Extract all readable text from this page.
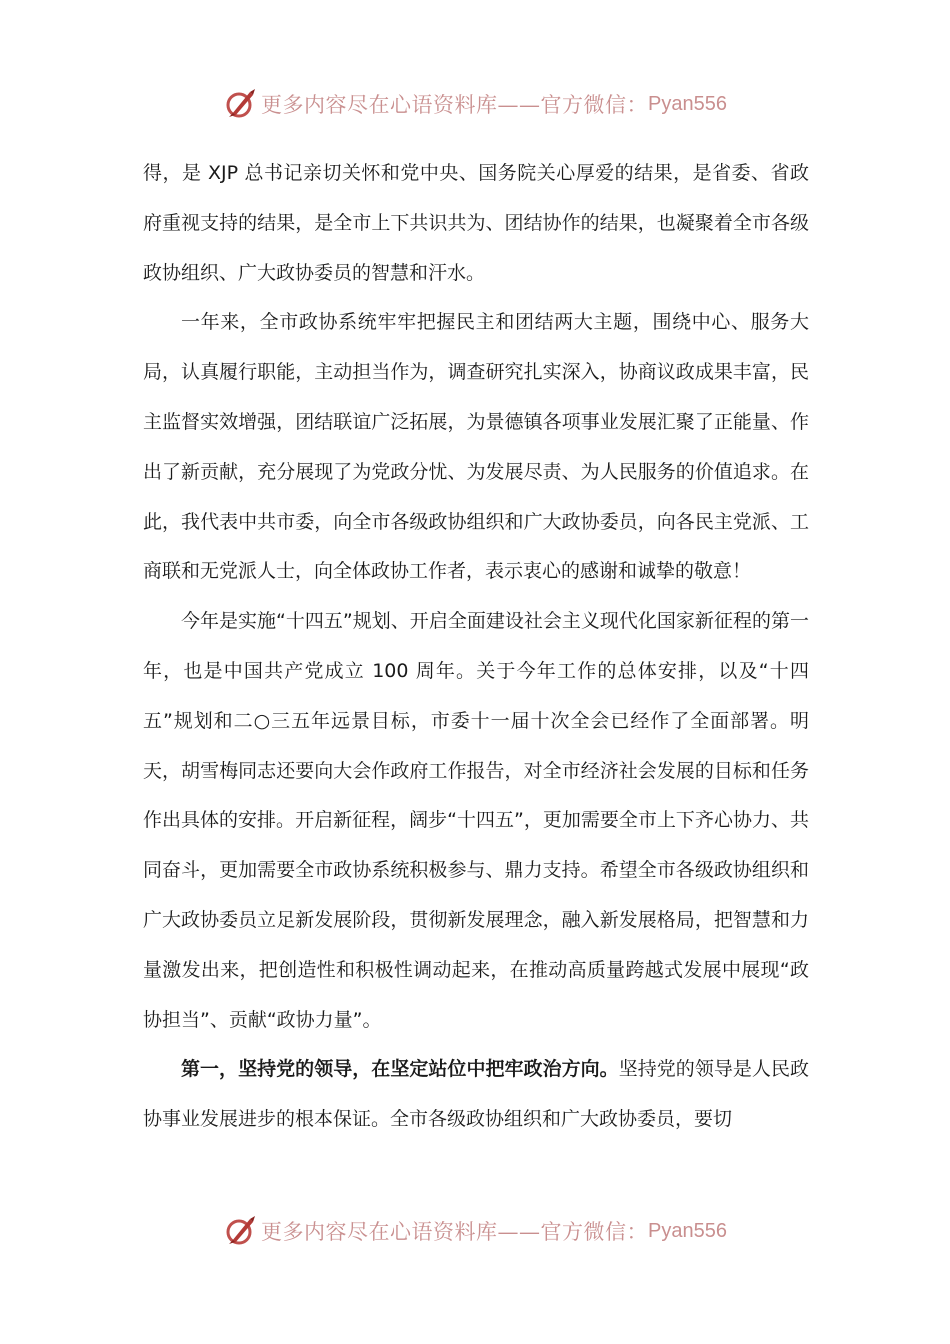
更多内容尽在心语资料库——官方微信： Pyan556

得，是 XJP 总书记亲切关怀和党中央、国务院关心厚爱的结果，是省委、省政府重视支持的结果，是全市上下共识共为、团结协作的结果，也凝聚着全市各级政协组织、广大政协委员的智慧和汗水。

一年来，全市政协系统牢牢把握民主和团结两大主题，围绕中心、服务大局，认真履行职能，主动担当作为，调查研究扎实深入，协商议政成果丰富，民主监督实效增强，团结联谊广泛拓展，为景德镇各项事业发展汇聚了正能量、作出了新贡献，充分展现了为党政分忧、为发展尽责、为人民服务的价值追求。在此，我代表中共市委，向全市各级政协组织和广大政协委员，向各民主党派、工商联和无党派人士，向全体政协工作者，表示衷心的感谢和诚挚的敬意！

今年是实施“十四五”规划、开启全面建设社会主义现代化国家新征程的第一年，也是中国共产党成立 100 周年。关于今年工作的总体安排，以及“十四五”规划和二○三五年远景目标，市委十一届十次全会已经作了全面部署。明天，胡雪梅同志还要向大会作政府工作报告，对全市经济社会发展的目标和任务作出具体的安排。开启新征程，阔步“十四五”，更加需要全市上下齐心协力、共同奋斗，更加需要全市政协系统积极参与、鼎力支持。希望全市各级政协组织和广大政协委员立足新发展阶段，贯彻新发展理念，融入新发展格局，把智慧和力量激发出来，把创造性和积极性调动起来，在推动高质量跨越式发展中展现“政协担当”、贡献“政协力量”。

第一，坚持党的领导，在坚定站位中把牢政治方向。坚持党的领导是人民政协事业发展进步的根本保证。全市各级政协组织和广大政协委员，要切

更多内容尽在心语资料库——官方微信： Pyan556
